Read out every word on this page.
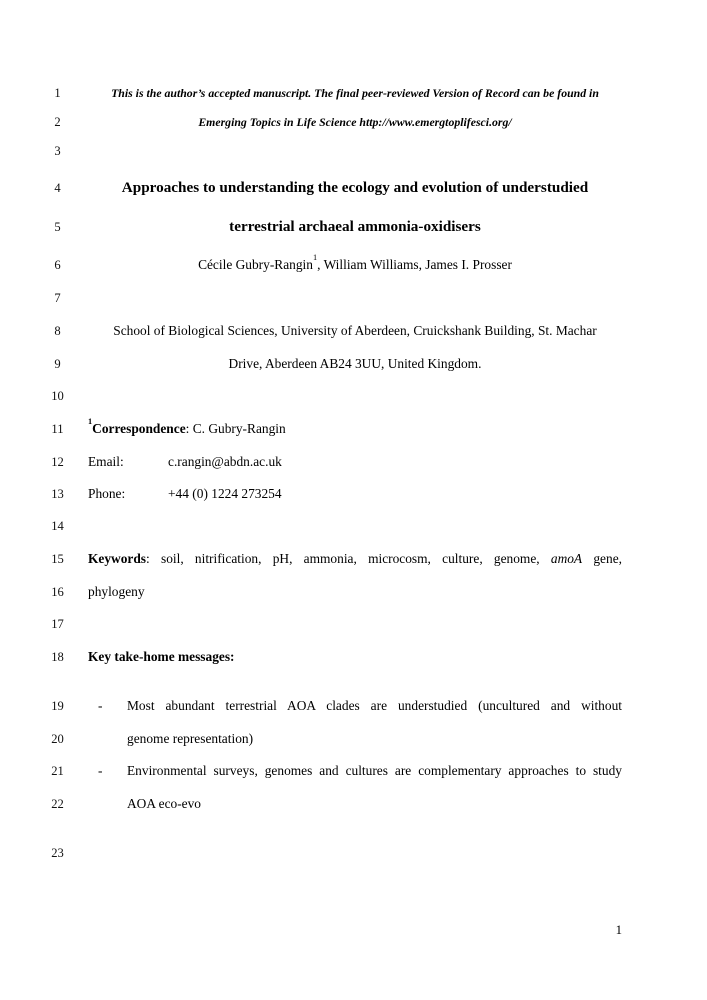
1	This is the author’s accepted manuscript. The final peer-reviewed Version of Record can be found in
2	Emerging Topics in Life Science http://www.emergtoplifesci.org/
3
4	Approaches to understanding the ecology and evolution of understudied
5	terrestrial archaeal ammonia-oxidisers
6	Cécile Gubry-Rangin$^1$, William Williams, James I. Prosser
7
8	School of Biological Sciences, University of Aberdeen, Cruickshank Building, St. Machar
9	Drive, Aberdeen AB24 3UU, United Kingdom.
10
11
$^1$Correspondence: C. Gubry-Rangin
12	Email:	c.rangin@abdn.ac.uk
13	Phone:	+44 (0) 1224 273254
14
15	Keywords: soil, nitrification, pH, ammonia, microcosm, culture, genome, amoA gene,
16	phylogeny
17
18	Key take-home messages:
19	- Most abundant terrestrial AOA clades are understudied (uncultured and without
20	genome representation)
21	- Environmental surveys, genomes and cultures are complementary approaches to study
22	AOA eco-evo
23
1
